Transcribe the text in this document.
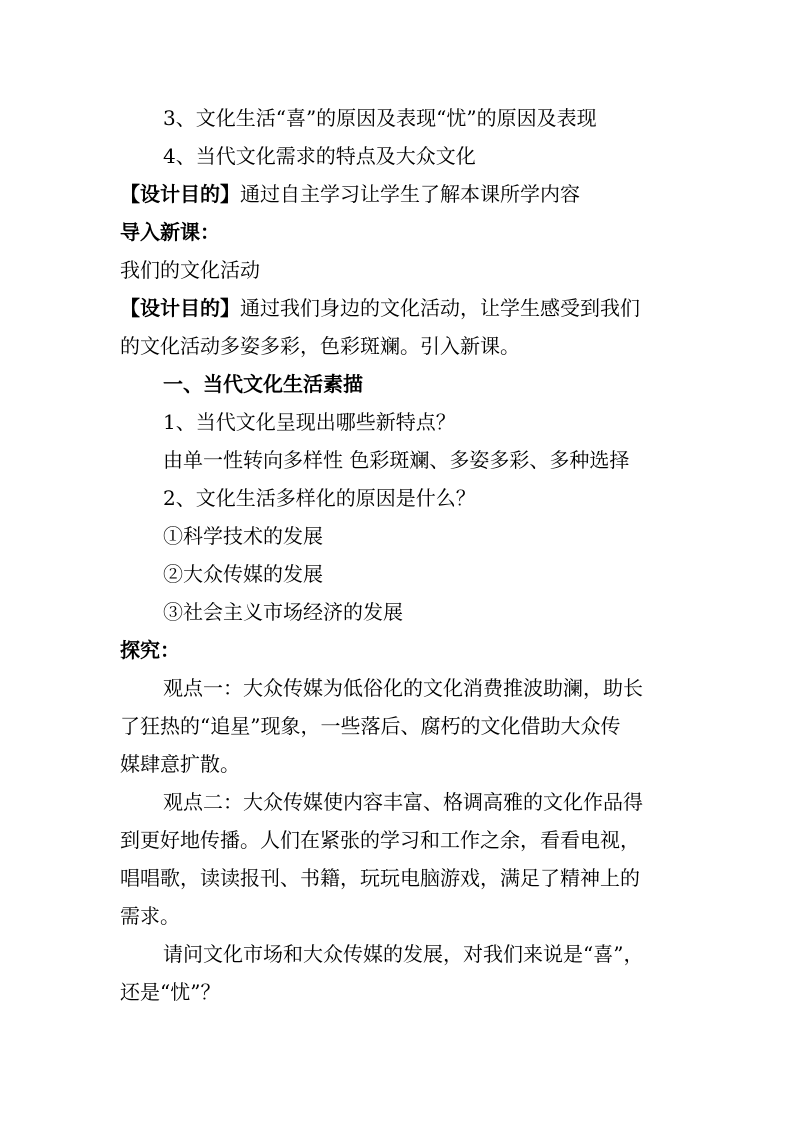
3、文化生活“喜”的原因及表现“忧”的原因及表现
4、当代文化需求的特点及大众文化
【设计目的】通过自主学习让学生了解本课所学内容
导入新课：
我们的文化活动
【设计目的】通过我们身边的文化活动，让学生感受到我们
的文化活动多姿多彩，色彩斑斓。引入新课。
一、当代文化生活素描
1、当代文化呈现出哪些新特点？
由单一性转向多样性 色彩斑斓、多姿多彩、多种选择
2、文化生活多样化的原因是什么？
①科学技术的发展
②大众传媒的发展
③社会主义市场经济的发展
探究：
观点一：大众传媒为低俗化的文化消费推波助澜，助长
了狂热的“追星”现象，一些落后、腐朽的文化借助大众传
媒肆意扩散。
观点二：大众传媒使内容丰富、格调高雅的文化作品得
到更好地传播。人们在紧张的学习和工作之余，看看电视，
唱唱歌，读读报刊、书籍，玩玩电脑游戏，满足了精神上的
需求。
请问文化市场和大众传媒的发展，对我们来说是“喜”，
还是“忧”？
